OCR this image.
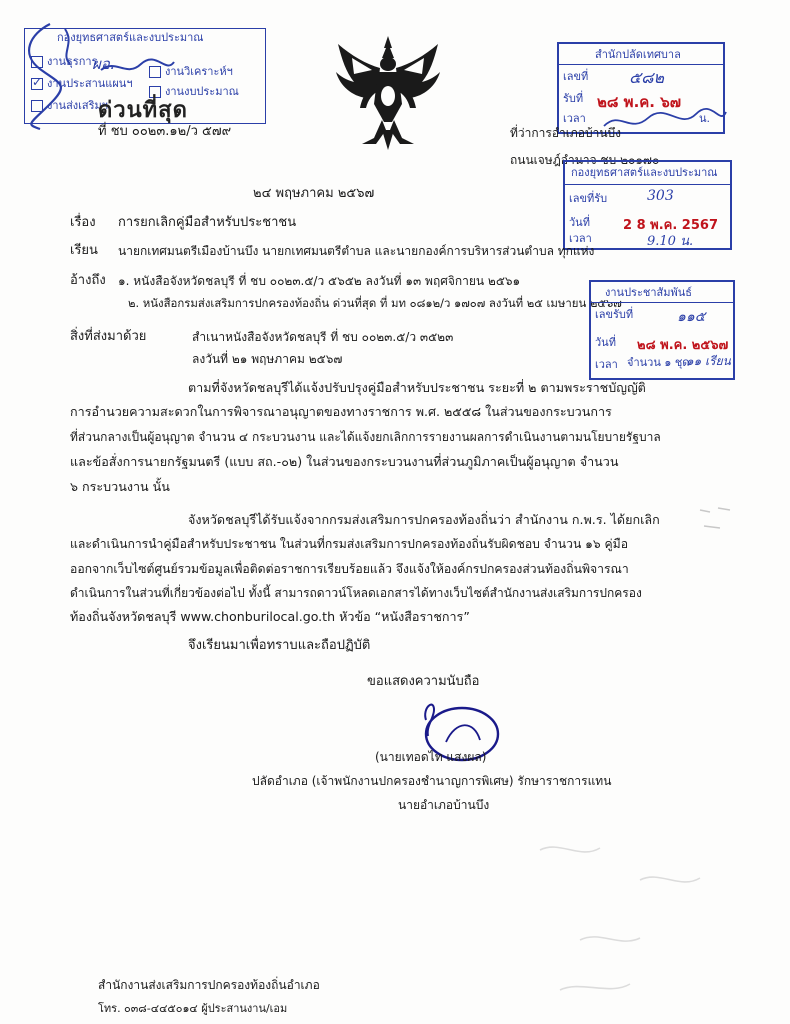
กองยุทธศาสตร์และงบประมาณ
งานธุรการ
งานวิเคราะห์ฯ
✓ งานประสานแผนฯ
งานงบประมาณ
งานส่งเสริมฯ
ผอ.
ด่วนที่สุด
ที่ ชบ ๐๐๒๓.๑๒/ว ๕๗๙
สำนักปลัดเทศบาล
เลขที่	๕๘๒
รับที่ ๒๘ พ.ค. ๖๗
เวลา	น.
ที่ว่าการอำเภอบ้านบึง
ถนนเจษฎ์อำนาจ ชบ ๒๐๑๗๐
กองยุทธศาสตร์และงบประมาณ
เลขที่รับ	303
วันที่	2 8 พ.ค. 2567
เวลา	9.10 น.
๒๔ พฤษภาคม ๒๕๖๗
เรื่อง การยกเลิกคู่มือสำหรับประชาชน
เรียน นายกเทศมนตรีเมืองบ้านบึง นายกเทศมนตรีตำบล และนายกองค์การบริหารส่วนตำบล ทุกแห่ง
อ้างถึง ๑. หนังสือจังหวัดชลบุรี ที่ ชบ ๐๐๒๓.๕/ว ๕๖๕๒ ลงวันที่ ๑๓ พฤศจิกายน ๒๕๖๑
๒. หนังสือกรมส่งเสริมการปกครองท้องถิ่น ด่วนที่สุด ที่ มท ๐๘๑๒/ว ๑๗๐๗ ลงวันที่ ๒๕ เมษายน ๒๕๖๗
งานประชาสัมพันธ์
เลขรับที่	๑๑๕
วันที่ ๒๘ พ.ค. ๒๕๖๗
เวลา จำนวน ๑ ชุด
๑๑ เรียน
สิ่งที่ส่งมาด้วย	สำเนาหนังสือจังหวัดชลบุรี ที่ ชบ ๐๐๒๓.๕/ว ๓๕๒๓
ลงวันที่ ๒๑ พฤษภาคม ๒๕๖๗
ตามที่จังหวัดชลบุรีได้แจ้งปรับปรุงคู่มือสำหรับประชาชน ระยะที่ ๒ ตามพระราชบัญญัติ
การอำนวยความสะดวกในการพิจารณาอนุญาตของทางราชการ พ.ศ. ๒๕๕๘ ในส่วนของกระบวนการ
ที่ส่วนกลางเป็นผู้อนุญาต จำนวน ๔ กระบวนงาน และได้แจ้งยกเลิกการรายงานผลการดำเนินงานตามนโยบายรัฐบาล
และข้อสั่งการนายกรัฐมนตรี (แบบ สถ.-๐๒) ในส่วนของกระบวนงานที่ส่วนภูมิภาคเป็นผู้อนุญาต จำนวน
๖ กระบวนงาน นั้น
จังหวัดชลบุรีได้รับแจ้งจากกรมส่งเสริมการปกครองท้องถิ่นว่า สำนักงาน ก.พ.ร. ได้ยกเลิก
และดำเนินการนำคู่มือสำหรับประชาชน ในส่วนที่กรมส่งเสริมการปกครองท้องถิ่นรับผิดชอบ จำนวน ๑๖ คู่มือ
ออกจากเว็บไซต์ศูนย์รวมข้อมูลเพื่อติดต่อราชการเรียบร้อยแล้ว จึงแจ้งให้องค์กรปกครองส่วนท้องถิ่นพิจารณา
ดำเนินการในส่วนที่เกี่ยวข้องต่อไป ทั้งนี้ สามารถดาวน์โหลดเอกสารได้ทางเว็บไซต์สำนักงานส่งเสริมการปกครอง
ท้องถิ่นจังหวัดชลบุรี www.chonburilocal.go.th หัวข้อ “หนังสือราชการ”
จึงเรียนมาเพื่อทราบและถือปฏิบัติ
ขอแสดงความนับถือ
(นายเทอดไท แสงผล)
ปลัดอำเภอ (เจ้าพนักงานปกครองชำนาญการพิเศษ) รักษาราชการแทน
นายอำเภอบ้านบึง
สำนักงานส่งเสริมการปกครองท้องถิ่นอำเภอ
โทร. ๐๓๘-๔๔๕๐๑๔ ผู้ประสานงาน/เอม
